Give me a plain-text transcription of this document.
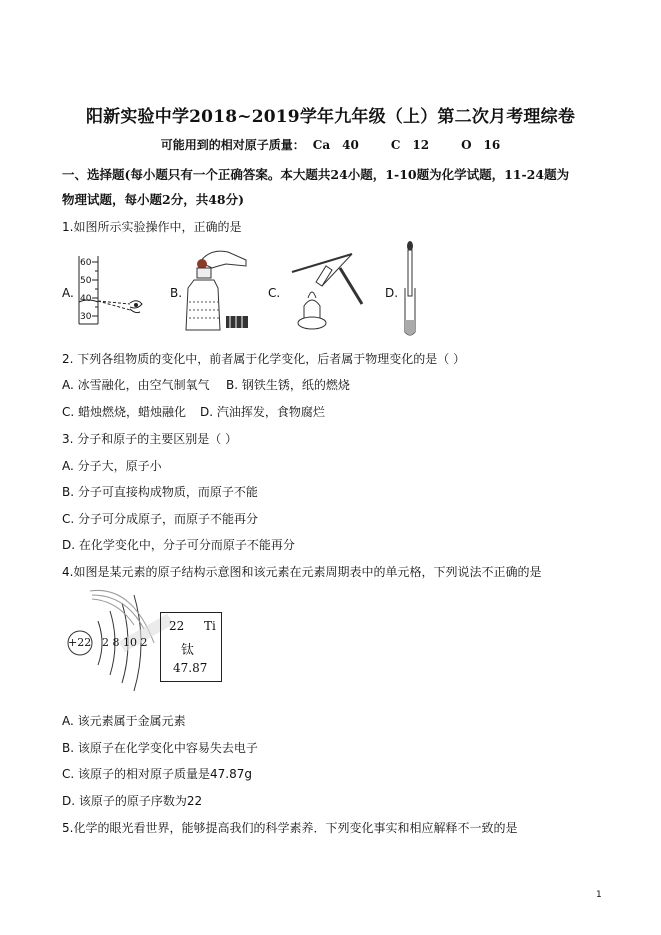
阳新实验中学2018~2019学年九年级（上）第二次月考理综卷
可能用到的相对原子质量： Ca　40　　	C　12　　	O　16
一、选择题(每小题只有一个正确答案。本大题共24小题，1-10题为化学试题，11-24题为
物理试题，每小题2分，共48分)
1.如图所示实验操作中，正确的是
A.	B.	C.	D.
60
50
40
30
2. 下列各组物质的变化中，前者属于化学变化，后者属于物理变化的是（ ）
A. 冰雪融化，由空气制氧气 B. 钢铁生锈，纸的燃烧
C. 蜡烛燃烧，蜡烛融化 D. 汽油挥发，食物腐烂
3. 分子和原子的主要区别是（ ）
A. 分子大，原子小
B. 分子可直接构成物质，而原子不能
C. 分子可分成原子，而原子不能再分
D. 在化学变化中，分子可分而原子不能再分
4.如图是某元素的原子结构示意图和该元素在元素周期表中的单元格，下列说法不正确的是
+22 2 8 10 2
22 Ti
钛
47.87
A. 该元素属于金属元素
B. 该原子在化学变化中容易失去电子
C. 该原子的相对原子质量是47.87g
D. 该原子的原子序数为22
5.化学的眼光看世界，能够提高我们的科学素养．下列变化事实和相应解释不一致的是
1
